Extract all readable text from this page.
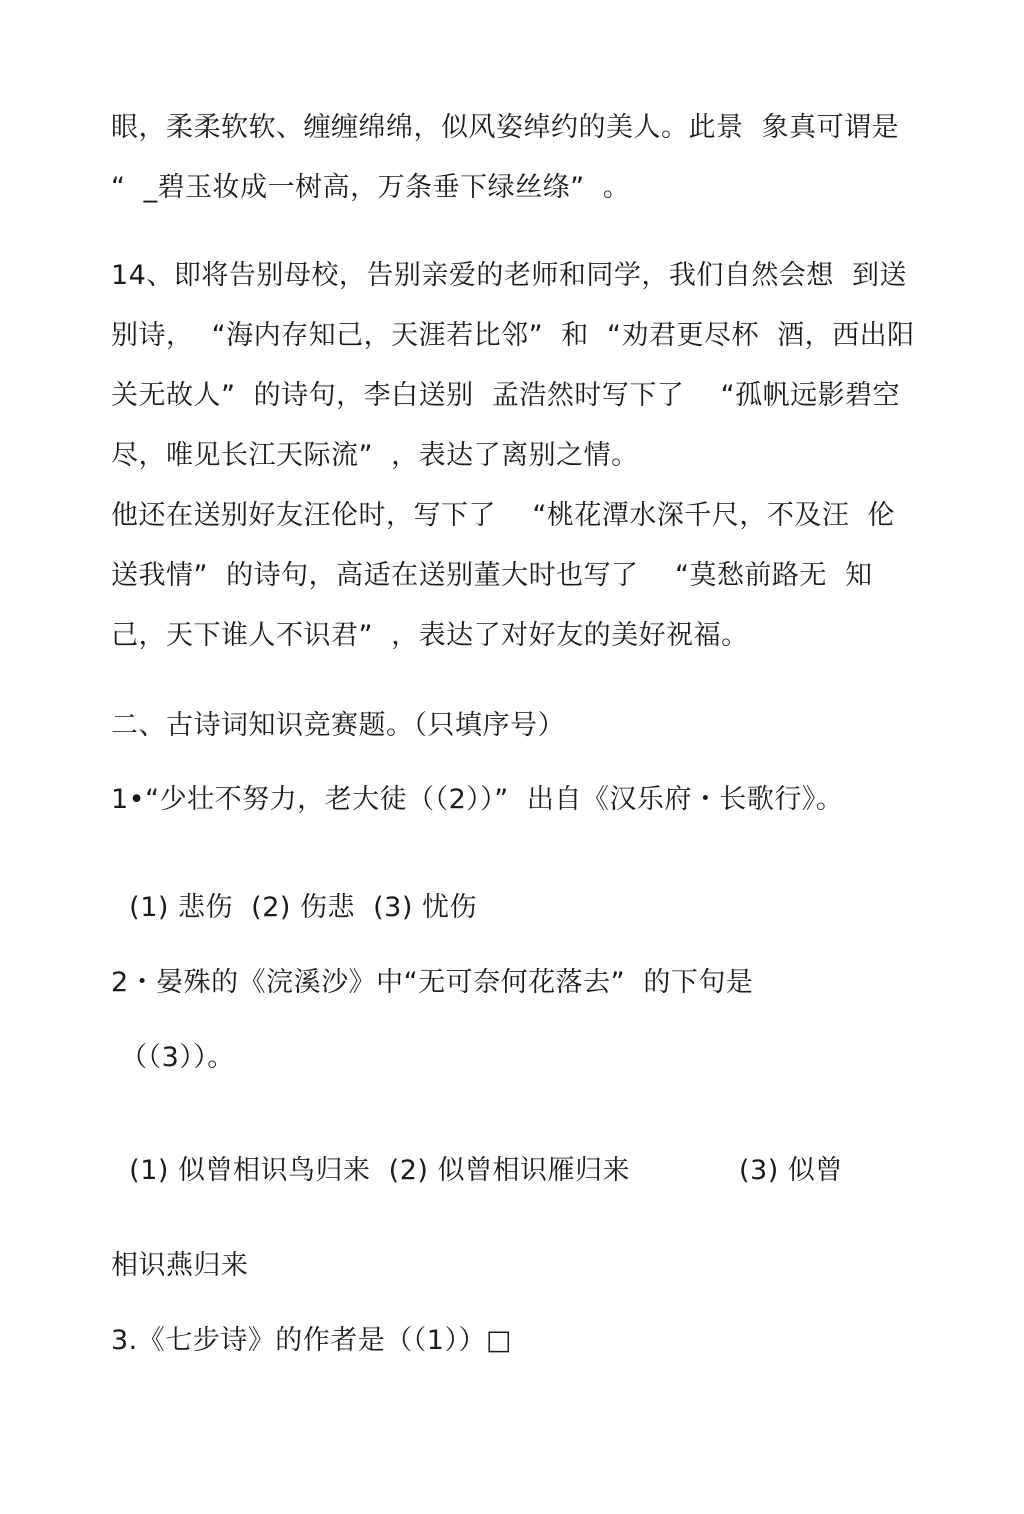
眼，柔柔软软、缠缠绵绵，似风姿绰约的美人。此景  象真可谓是
“  _碧玉妆成一树高，万条垂下绿丝绦”  。
14、即将告别母校，告别亲爱的老师和同学，我们自然会想  到送
别诗，  “海内存知己，天涯若比邻”  和  “劝君更尽杯  酒，西出阳
关无故人”  的诗句，李白送别  孟浩然时写下了    “孤帆远影碧空
尽，唯见长江天际流”  ，表达了离别之情。
他还在送别好友汪伦时，写下了    “桃花潭水深千尺，不及汪  伦
送我情”  的诗句，高适在送别董大时也写了    “莫愁前路无  知
己，天下谁人不识君”  ，表达了对好友的美好祝福。
二、古诗词知识竞赛题。（只填序号）
1•“少壮不努力，老大徒（（2））”  出自《汉乐府・长歌行》。
(1) 悲伤  (2) 伤悲  (3) 忧伤
2・晏殊的《浣溪沙》中“无可奈何花落去”  的下句是
（（3））。
(1) 似曾相识鸟归来  (2) 似曾相识雁归来            (3) 似曾
相识燕归来
3.《七步诗》的作者是（（1））□
